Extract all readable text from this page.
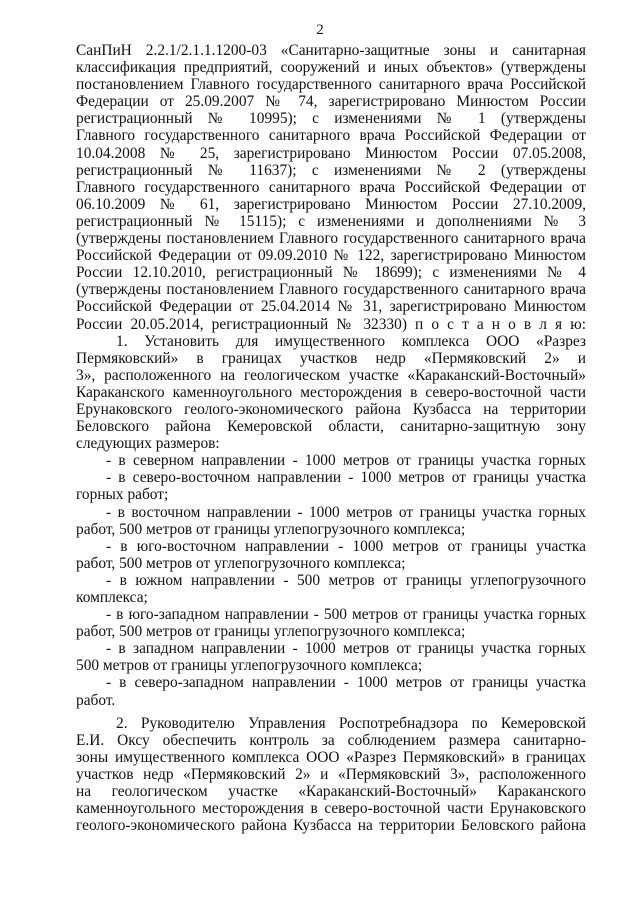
2
СанПиН 2.2.1/2.1.1.1200-03 «Санитарно-защитные зоны и санитарная
классификация предприятий, сооружений и иных объектов» (утверждены
постановлением Главного государственного санитарного врача Российской
Федерации от 25.09.2007 № 74, зарегистрировано Минюстом России
регистрационный № 10995); с изменениями № 1 (утверждены
Главного государственного санитарного врача Российской Федерации от
10.04.2008 № 25, зарегистрировано Минюстом России 07.05.2008,
регистрационный № 11637); с изменениями № 2 (утверждены
Главного государственного санитарного врача Российской Федерации от
06.10.2009 № 61, зарегистрировано Минюстом России 27.10.2009,
регистрационный № 15115); с изменениями и дополнениями № 3
(утверждены постановлением Главного государственного санитарного врача
Российской Федерации от 09.09.2010 № 122, зарегистрировано Минюстом
России 12.10.2010, регистрационный № 18699); с изменениями № 4
(утверждены постановлением Главного государственного санитарного врача
Российской Федерации от 25.04.2014 № 31, зарегистрировано Минюстом
России 20.05.2014, регистрационный № 32330) п о с т а н о в л я ю:
1. Установить для имущественного комплекса ООО «Разрез
Пермяковский» в границах участков недр «Пермяковский 2» и
3», расположенного на геологическом участке «Караканский-Восточный»
Караканского каменноугольного месторождения в северо-восточной части
Ерунаковского геолого-экономического района Кузбасса на территории
Беловского района Кемеровской области, санитарно-защитную зону
следующих размеров:
- в северном направлении - 1000 метров от границы участка горных
- в северо-восточном направлении - 1000 метров от границы участка
горных работ;
- в восточном направлении - 1000 метров от границы участка горных
работ, 500 метров от границы углепогрузочного комплекса;
- в юго-восточном направлении - 1000 метров от границы участка
работ, 500 метров от углепогрузочного комплекса;
- в южном направлении - 500 метров от границы углепогрузочного
комплекса;
- в юго-западном направлении - 500 метров от границы участка горных
работ, 500 метров от границы углепогрузочного комплекса;
- в западном направлении - 1000 метров от границы участка горных
500 метров от границы углепогрузочного комплекса;
- в северо-западном направлении - 1000 метров от границы участка
работ.
2. Руководителю Управления Роспотребнадзора по Кемеровской
Е.И. Оксу обеспечить контроль за соблюдением размера санитарно-
зоны имущественного комплекса ООО «Разрез Пермяковский» в границах
участков недр «Пермяковский 2» и «Пермяковский 3», расположенного
на геологическом участке «Караканский-Восточный» Караканского
каменноугольного месторождения в северо-восточной части Ерунаковского
геолого-экономического района Кузбасса на территории Беловского района
